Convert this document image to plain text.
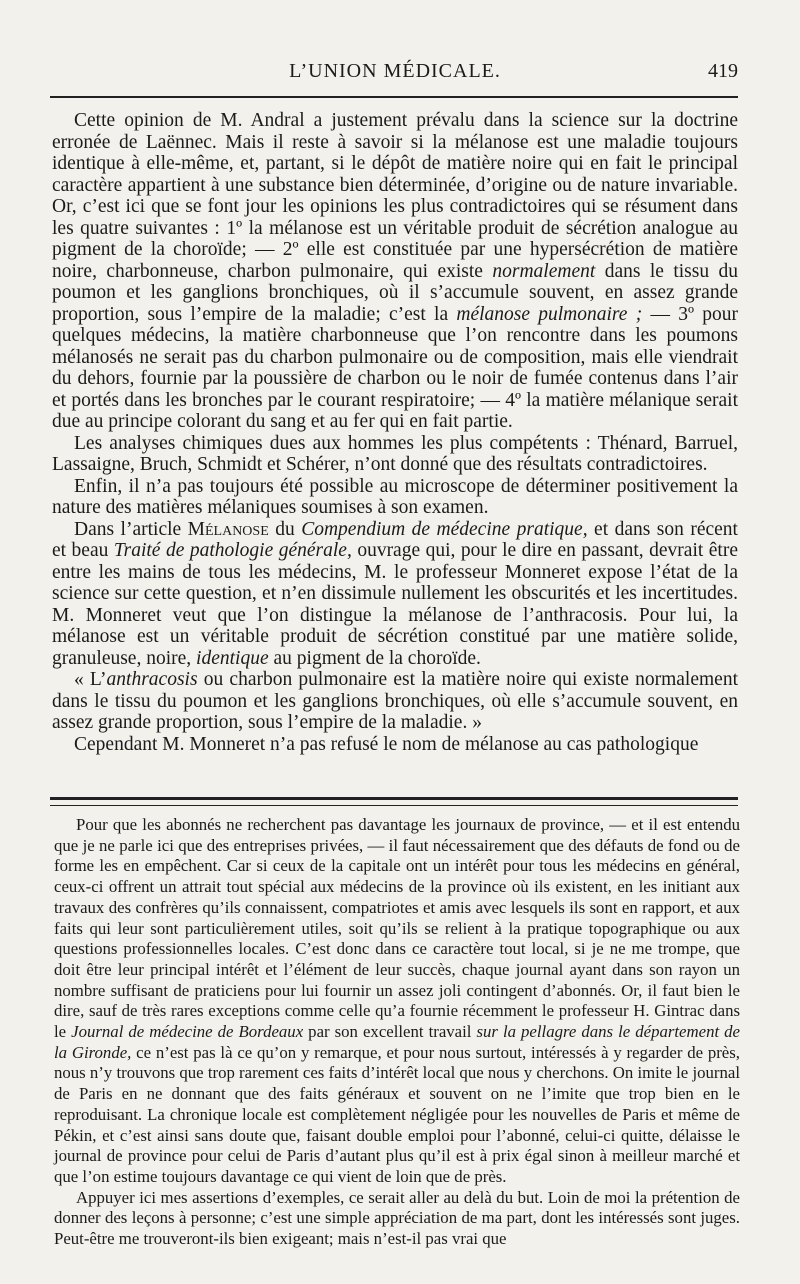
L’UNION MÉDICALE.	419

Cette opinion de M. Andral a justement prévalu dans la science sur la doctrine erronée de Laënnec. Mais il reste à savoir si la mélanose est une maladie toujours identique à elle-même, et, partant, si le dépôt de matière noire qui en fait le principal caractère appartient à une substance bien déterminée, d’origine ou de nature invariable. Or, c’est ici que se font jour les opinions les plus contradictoires qui se résument dans les quatre suivantes : 1º la mélanose est un véritable produit de sécrétion analogue au pigment de la choroïde; — 2º elle est constituée par une hypersécrétion de matière noire, charbonneuse, charbon pulmonaire, qui existe normalement dans le tissu du poumon et les ganglions bronchiques, où il s’accumule souvent, en assez grande proportion, sous l’empire de la maladie; c’est la mélanose pulmonaire ; — 3º pour quelques médecins, la matière charbonneuse que l’on rencontre dans les poumons mélanosés ne serait pas du charbon pulmonaire ou de composition, mais elle viendrait du dehors, fournie par la poussière de charbon ou le noir de fumée contenus dans l’air et portés dans les bronches par le courant respiratoire; — 4º la matière mélanique serait due au principe colorant du sang et au fer qui en fait partie.

Les analyses chimiques dues aux hommes les plus compétents : Thénard, Barruel, Lassaigne, Bruch, Schmidt et Schérer, n’ont donné que des résultats contradictoires.

Enfin, il n’a pas toujours été possible au microscope de déterminer positivement la nature des matières mélaniques soumises à son examen.

Dans l’article Mélanose du Compendium de médecine pratique, et dans son récent et beau Traité de pathologie générale, ouvrage qui, pour le dire en passant, devrait être entre les mains de tous les médecins, M. le professeur Monneret expose l’état de la science sur cette question, et n’en dissimule nullement les obscurités et les incertitudes. M. Monneret veut que l’on distingue la mélanose de l’anthracosis. Pour lui, la mélanose est un véritable produit de sécrétion constitué par une matière solide, granuleuse, noire, identique au pigment de la choroïde.

« L’anthracosis ou charbon pulmonaire est la matière noire qui existe normalement dans le tissu du poumon et les ganglions bronchiques, où elle s’accumule souvent, en assez grande proportion, sous l’empire de la maladie. »

Cependant M. Monneret n’a pas refusé le nom de mélanose au cas pathologique

Pour que les abonnés ne recherchent pas davantage les journaux de province, — et il est entendu que je ne parle ici que des entreprises privées, — il faut nécessairement que des défauts de fond ou de forme les en empêchent. Car si ceux de la capitale ont un intérêt pour tous les médecins en général, ceux-ci offrent un attrait tout spécial aux médecins de la province où ils existent, en les initiant aux travaux des confrères qu’ils connaissent, compatriotes et amis avec lesquels ils sont en rapport, et aux faits qui leur sont particulièrement utiles, soit qu’ils se relient à la pratique topographique ou aux questions professionnelles locales. C’est donc dans ce caractère tout local, si je ne me trompe, que doit être leur principal intérêt et l’élément de leur succès, chaque journal ayant dans son rayon un nombre suffisant de praticiens pour lui fournir un assez joli contingent d’abonnés. Or, il faut bien le dire, sauf de très rares exceptions comme celle qu’a fournie récemment le professeur H. Gintrac dans le Journal de médecine de Bordeaux par son excellent travail sur la pellagre dans le département de la Gironde, ce n’est pas là ce qu’on y remarque, et pour nous surtout, intéressés à y regarder de près, nous n’y trouvons que trop rarement ces faits d’intérêt local que nous y cherchons. On imite le journal de Paris en ne donnant que des faits généraux et souvent on ne l’imite que trop bien en le reproduisant. La chronique locale est complètement négligée pour les nouvelles de Paris et même de Pékin, et c’est ainsi sans doute que, faisant double emploi pour l’abonné, celui-ci quitte, délaisse le journal de province pour celui de Paris d’autant plus qu’il est à prix égal sinon à meilleur marché et que l’on estime toujours davantage ce qui vient de loin que de près.

Appuyer ici mes assertions d’exemples, ce serait aller au delà du but. Loin de moi la prétention de donner des leçons à personne; c’est une simple appréciation de ma part, dont les intéressés sont juges. Peut-être me trouveront-ils bien exigeant; mais n’est-il pas vrai que
